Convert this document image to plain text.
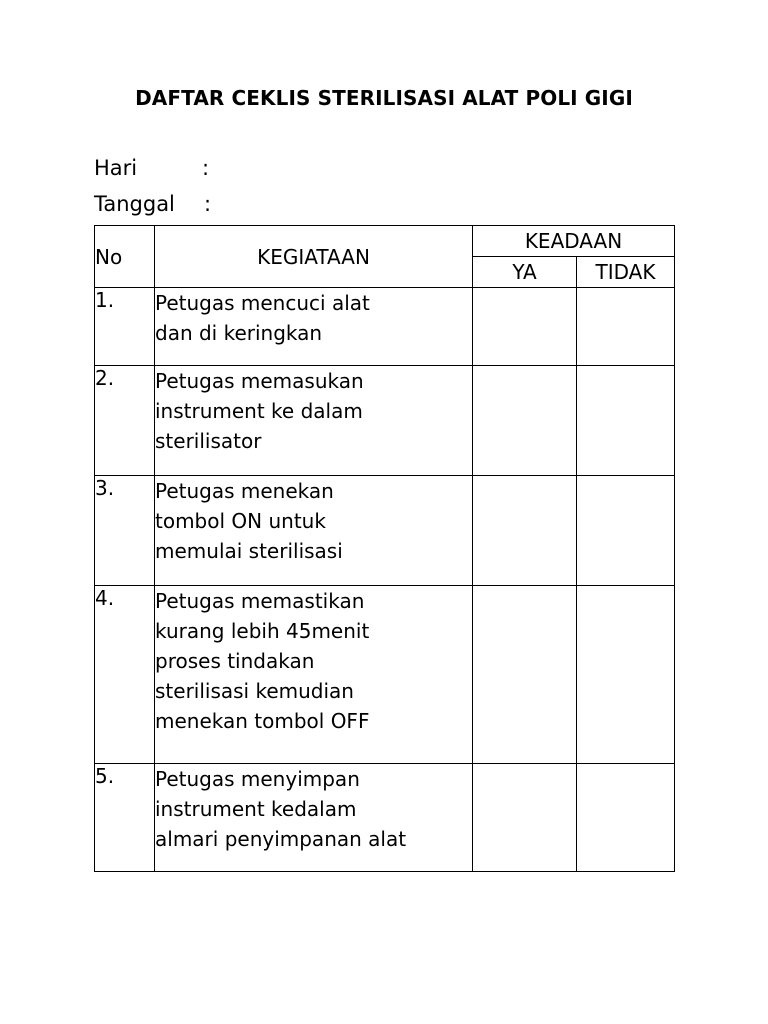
DAFTAR CEKLIS STERILISASI ALAT POLI GIGI
Hari	:
Tanggal :
No	KEGIATAAN	KEADAAN	
		YA	TIDAK
1.	Petugas mencuci alat
dan di keringkan		

2.	Petugas memasukan
instrument ke dalam
sterilisator		

3.	Petugas menekan
tombol ON untuk
memulai sterilisasi		

4.	Petugas memastikan
kurang lebih 45menit
proses tindakan
sterilisasi kemudian
menekan tombol OFF		

5.	Petugas menyimpan
instrument kedalam
almari penyimpanan alat		
